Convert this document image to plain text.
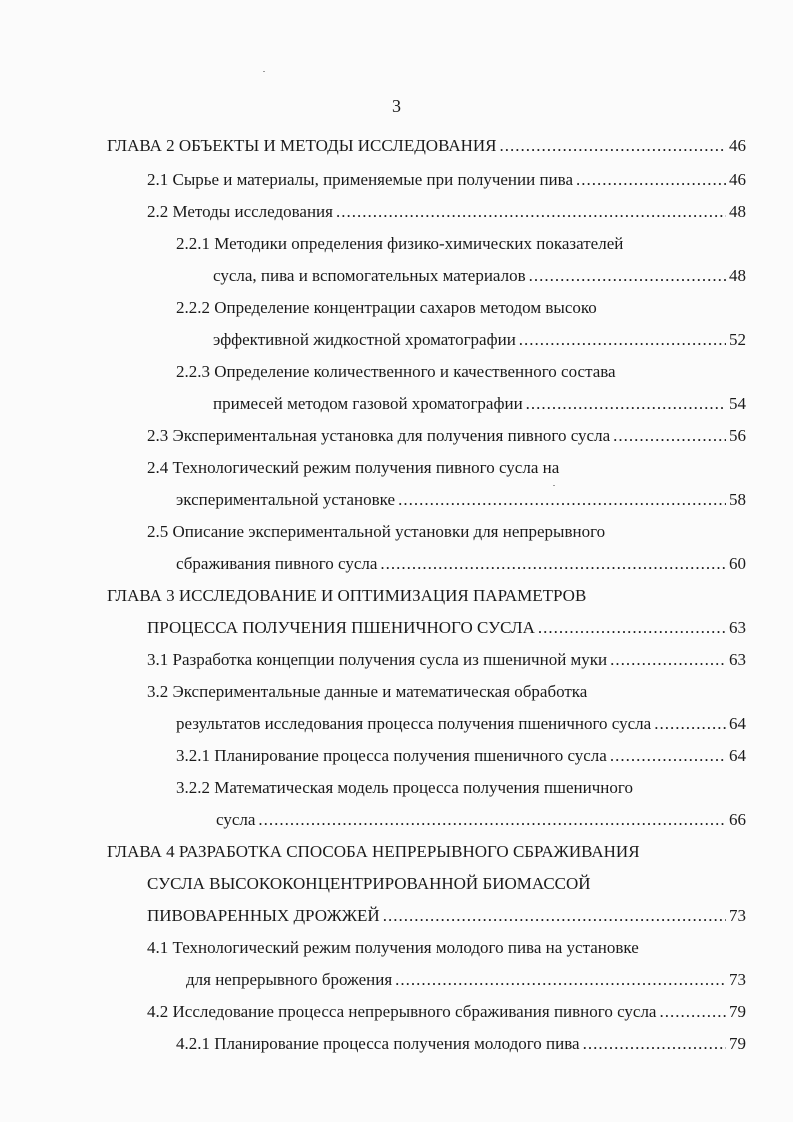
3
ГЛАВА 2 ОБЪЕКТЫ И МЕТОДЫ ИССЛЕДОВАНИЯ .....	46
2.1 Сырье и материалы, применяемые при получении пива .....	46
2.2 Методы исследования .....	48
2.2.1 Методики определения физико-химических показателей
сусла, пива и вспомогательных материалов .....	48
2.2.2 Определение концентрации сахаров методом высоко
эффективной жидкостной хроматографии .....	52
2.2.3 Определение количественного и качественного состава
примесей методом газовой хроматографии .....	54
2.3 Экспериментальная установка для получения пивного сусла .....	56
2.4 Технологический режим получения пивного сусла на
экспериментальной установке .....	58
2.5 Описание экспериментальной установки для непрерывного
сбраживания пивного сусла .....	60
ГЛАВА 3 ИССЛЕДОВАНИЕ И ОПТИМИЗАЦИЯ ПАРАМЕТРОВ
ПРОЦЕССА ПОЛУЧЕНИЯ ПШЕНИЧНОГО СУСЛА .....	63
3.1 Разработка концепции получения сусла из пшеничной муки .....	63
3.2 Экспериментальные данные и математическая обработка
результатов исследования процесса получения пшеничного сусла .....	64
3.2.1 Планирование процесса получения пшеничного сусла .....	64
3.2.2 Математическая модель процесса получения пшеничного
сусла .....	66
ГЛАВА 4 РАЗРАБОТКА СПОСОБА НЕПРЕРЫВНОГО СБРАЖИВАНИЯ
СУСЛА ВЫСОКОКОНЦЕНТРИРОВАННОЙ БИОМАССОЙ
ПИВОВАРЕННЫХ ДРОЖЖЕЙ .....	73
4.1 Технологический режим получения молодого пива на установке
для непрерывного брожения .....	73
4.2 Исследование процесса непрерывного сбраживания пивного сусла .....	79
4.2.1 Планирование процесса получения молодого пива .....	79
